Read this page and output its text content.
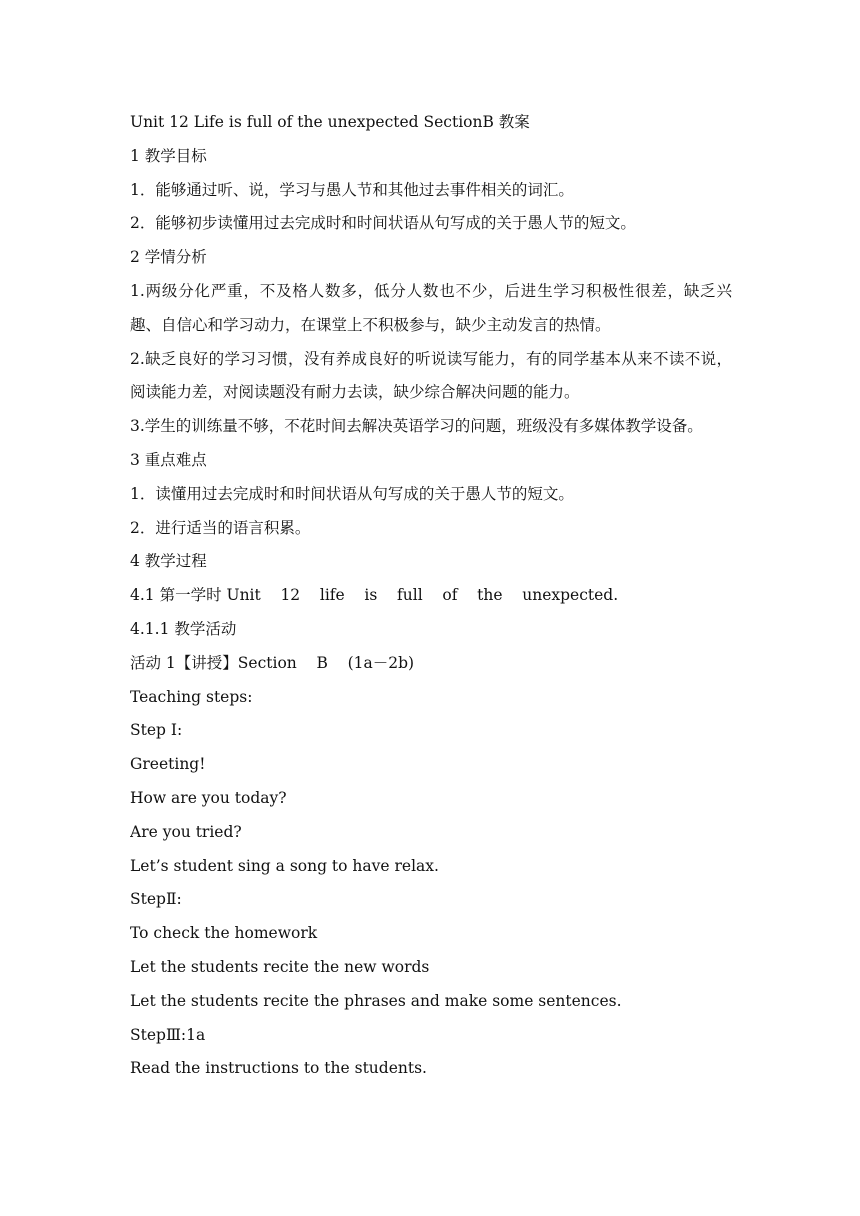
Unit 12 Life is full of the unexpected SectionB 教案

1 教学目标

1．能够通过听、说，学习与愚人节和其他过去事件相关的词汇。

2．能够初步读懂用过去完成时和时间状语从句写成的关于愚人节的短文。

2 学情分析

1.两级分化严重，不及格人数多，低分人数也不少，后进生学习积极性很差，缺乏兴趣、自信心和学习动力，在课堂上不积极参与，缺少主动发言的热情。

2.缺乏良好的学习习惯，没有养成良好的听说读写能力，有的同学基本从来不读不说，阅读能力差，对阅读题没有耐力去读，缺少综合解决问题的能力。

3.学生的训练量不够，不花时间去解决英语学习的问题，班级没有多媒体教学设备。

3 重点难点

1．读懂用过去完成时和时间状语从句写成的关于愚人节的短文。

2．进行适当的语言积累。

4 教学过程

4.1 第一学时 Unit    12    life    is    full    of    the    unexpected.

4.1.1 教学活动

活动 1【讲授】Section    B    (1a－2b)

Teaching steps:

Step I:

Greeting!

How are you today?

Are you tried?

Let’s student sing a song to have relax.

StepⅡ:

To check the homework

Let the students recite the new words

Let the students recite the phrases and make some sentences.

StepⅢ:1a

Read the instructions to the students.
